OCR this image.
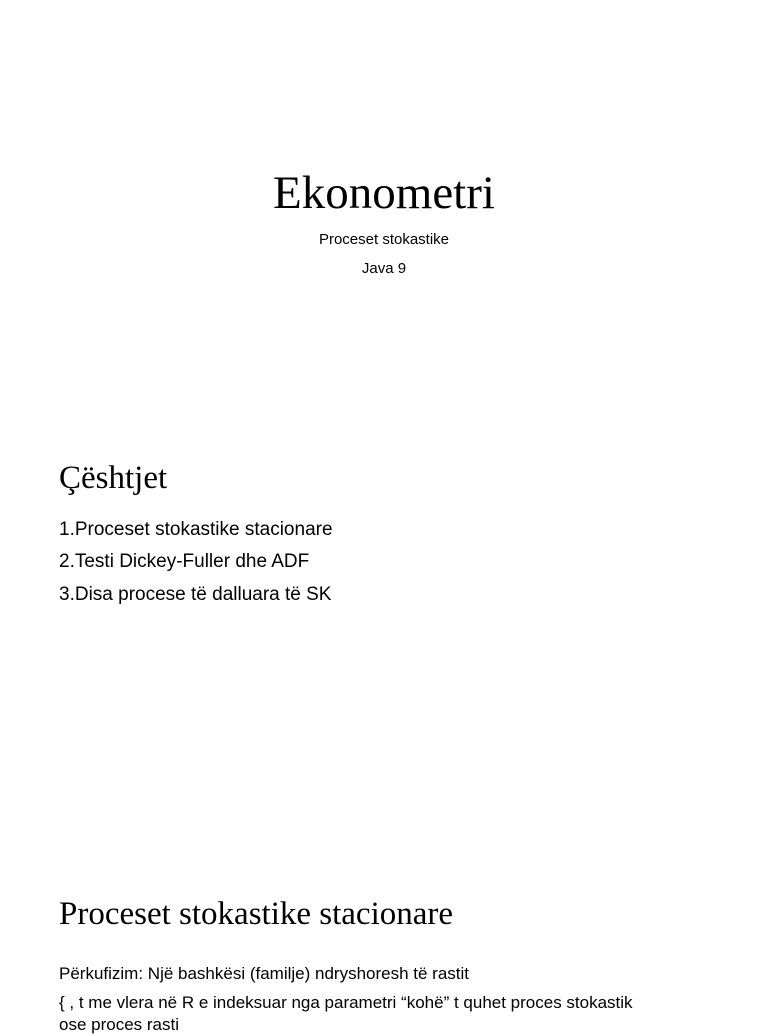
Ekonometri
Proceset stokastike
Java 9
Çështjet
1.Proceset stokastike stacionare
2.Testi Dickey-Fuller dhe ADF
3.Disa procese të dalluara të SK
Proceset stokastike stacionare
Përkufizim: Një bashkësi (familje) ndryshoresh të rastit
{ , t me vlera në R e indeksuar nga parametri “kohë” t quhet proces stokastik
ose proces rasti
